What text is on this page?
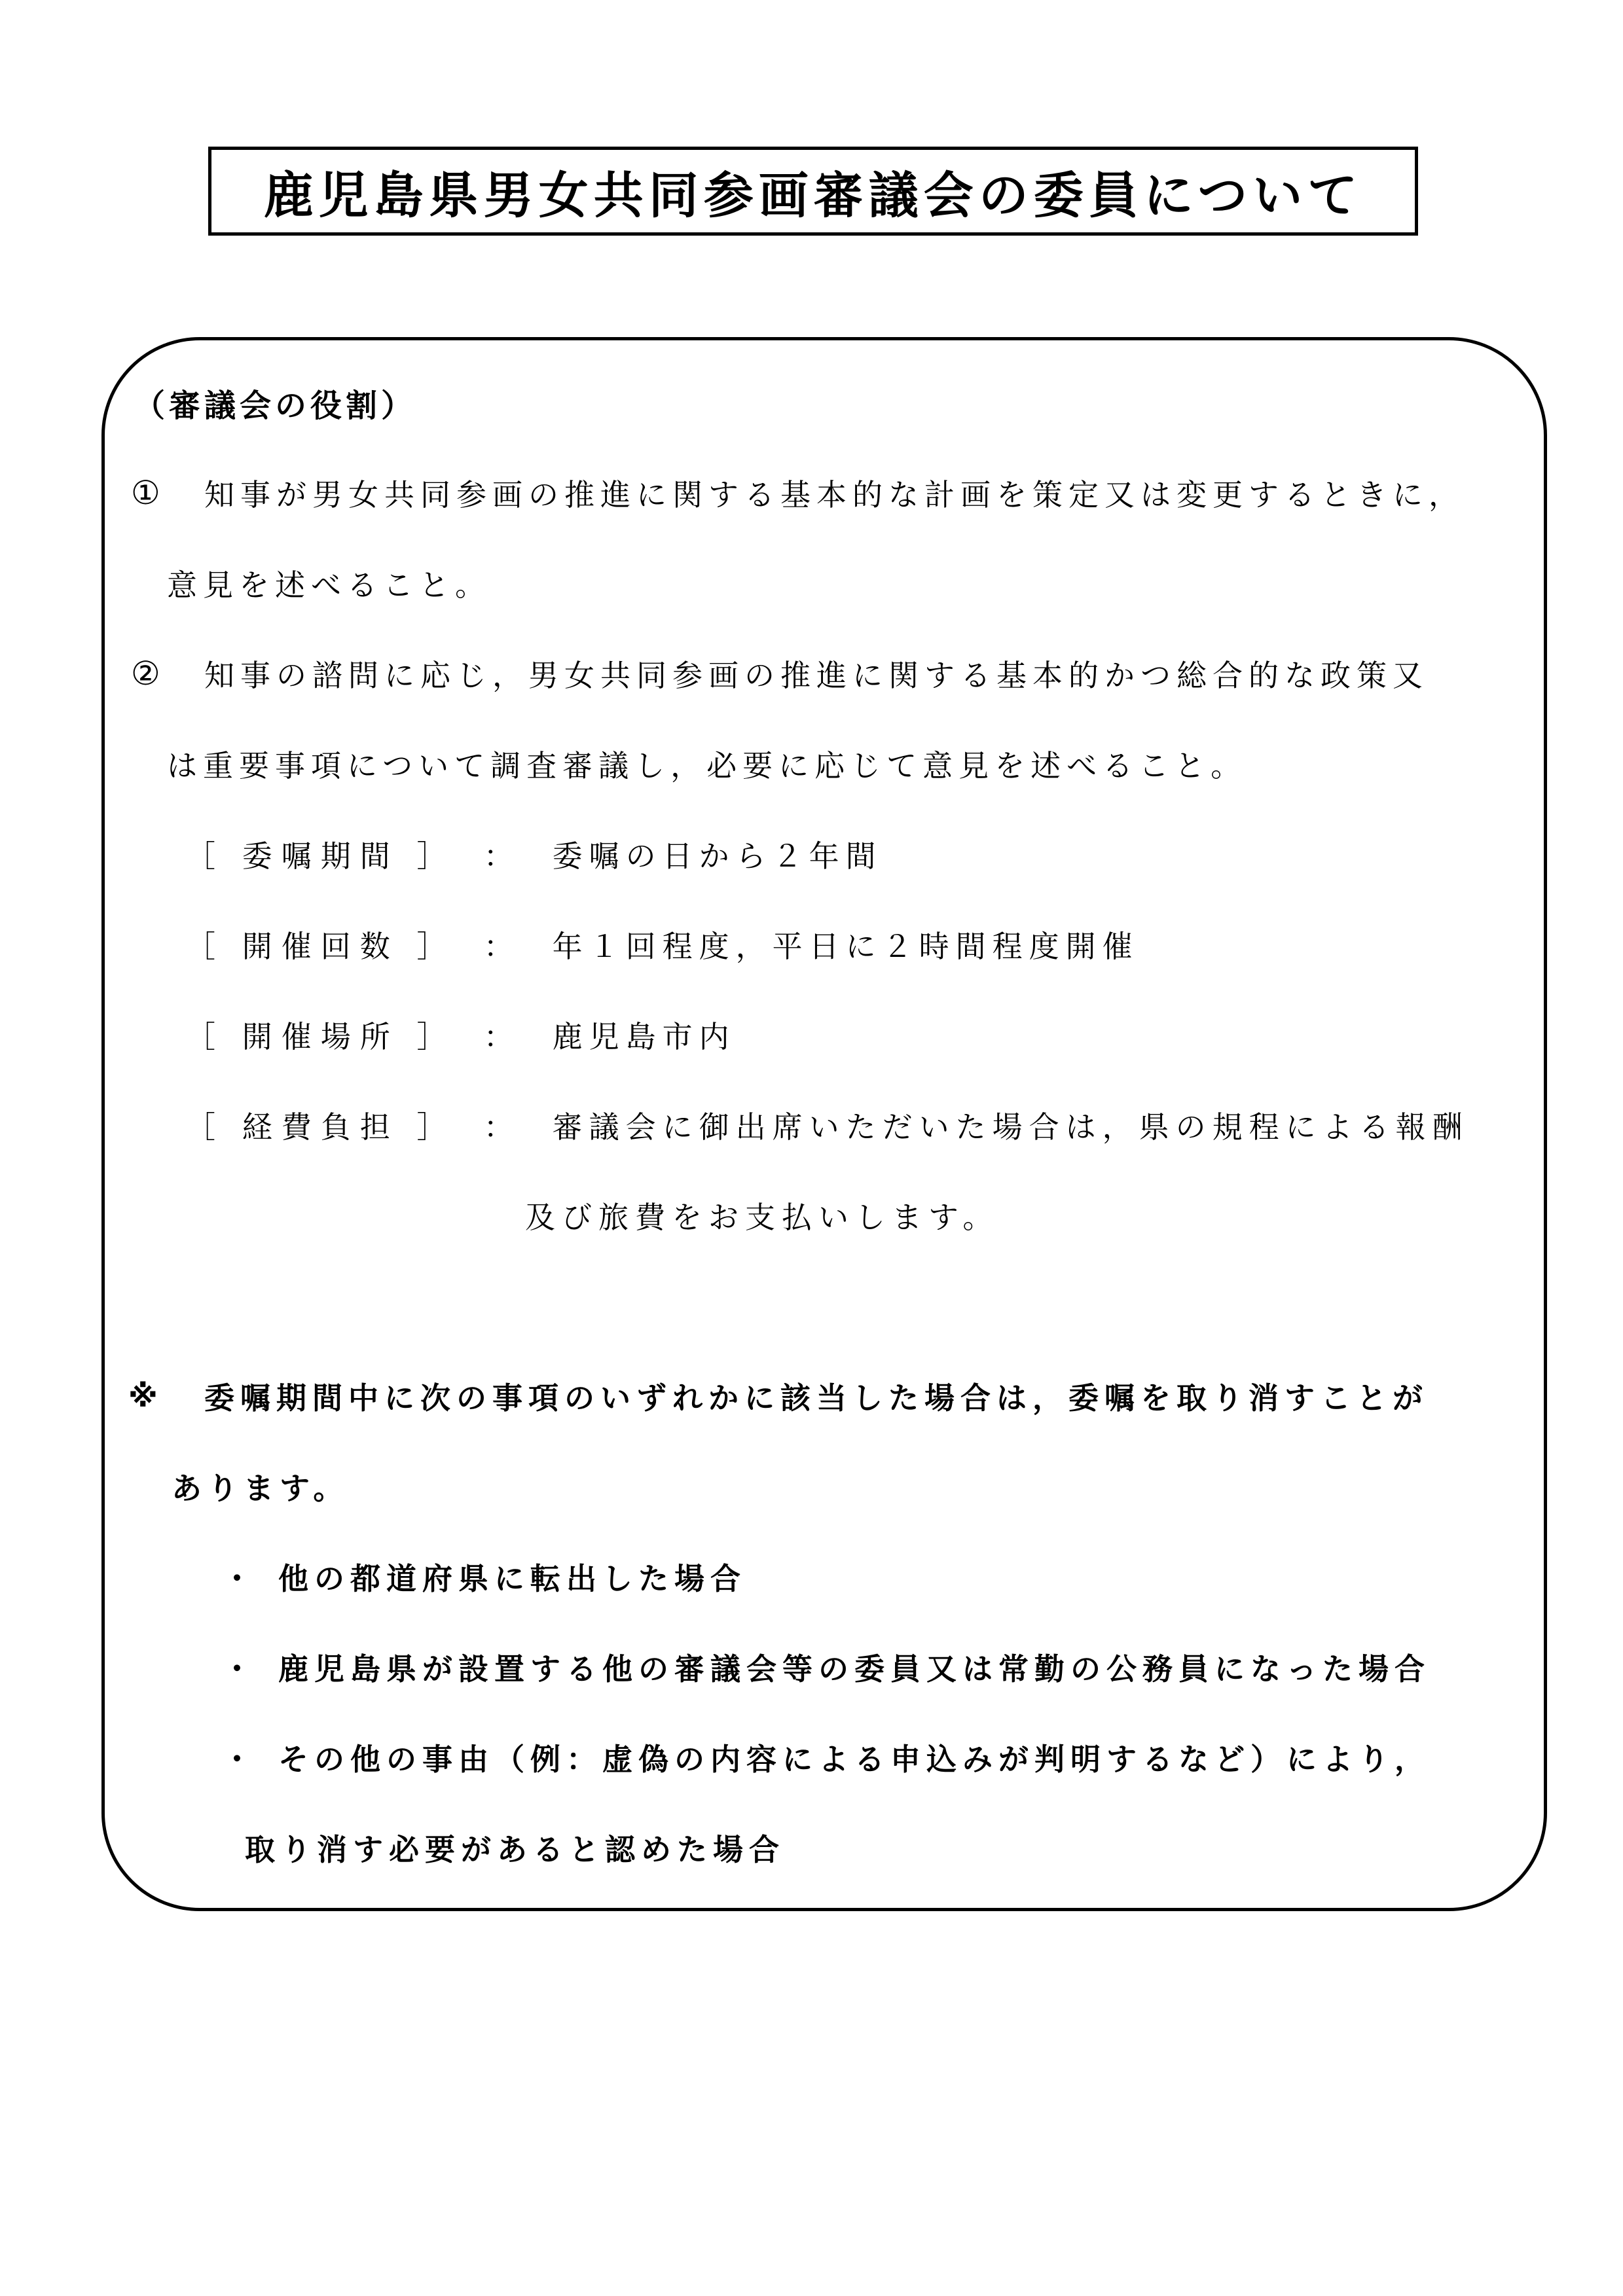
鹿児島県男女共同参画審議会の委員について
（審議会の役割）
①	知事が男女共同参画の推進に関する基本的な計画を策定又は変更するときに，
意見を述べること。
②	知事の諮問に応じ，男女共同参画の推進に関する基本的かつ総合的な政策又
は重要事項について調査審議し，必要に応じて意見を述べること。
［ 委嘱期間 ］ ： 委嘱の日から２年間
［ 開催回数 ］ ： 年１回程度，平日に２時間程度開催
［ 開催場所 ］ ： 鹿児島市内
［ 経費負担 ］ ： 審議会に御出席いただいた場合は，県の規程による報酬
及び旅費をお支払いします。
※	委嘱期間中に次の事項のいずれかに該当した場合は，委嘱を取り消すことが
あります。
・ 他の都道府県に転出した場合
・ 鹿児島県が設置する他の審議会等の委員又は常勤の公務員になった場合
・ その他の事由（例：虚偽の内容による申込みが判明するなど）により，
取り消す必要があると認めた場合
